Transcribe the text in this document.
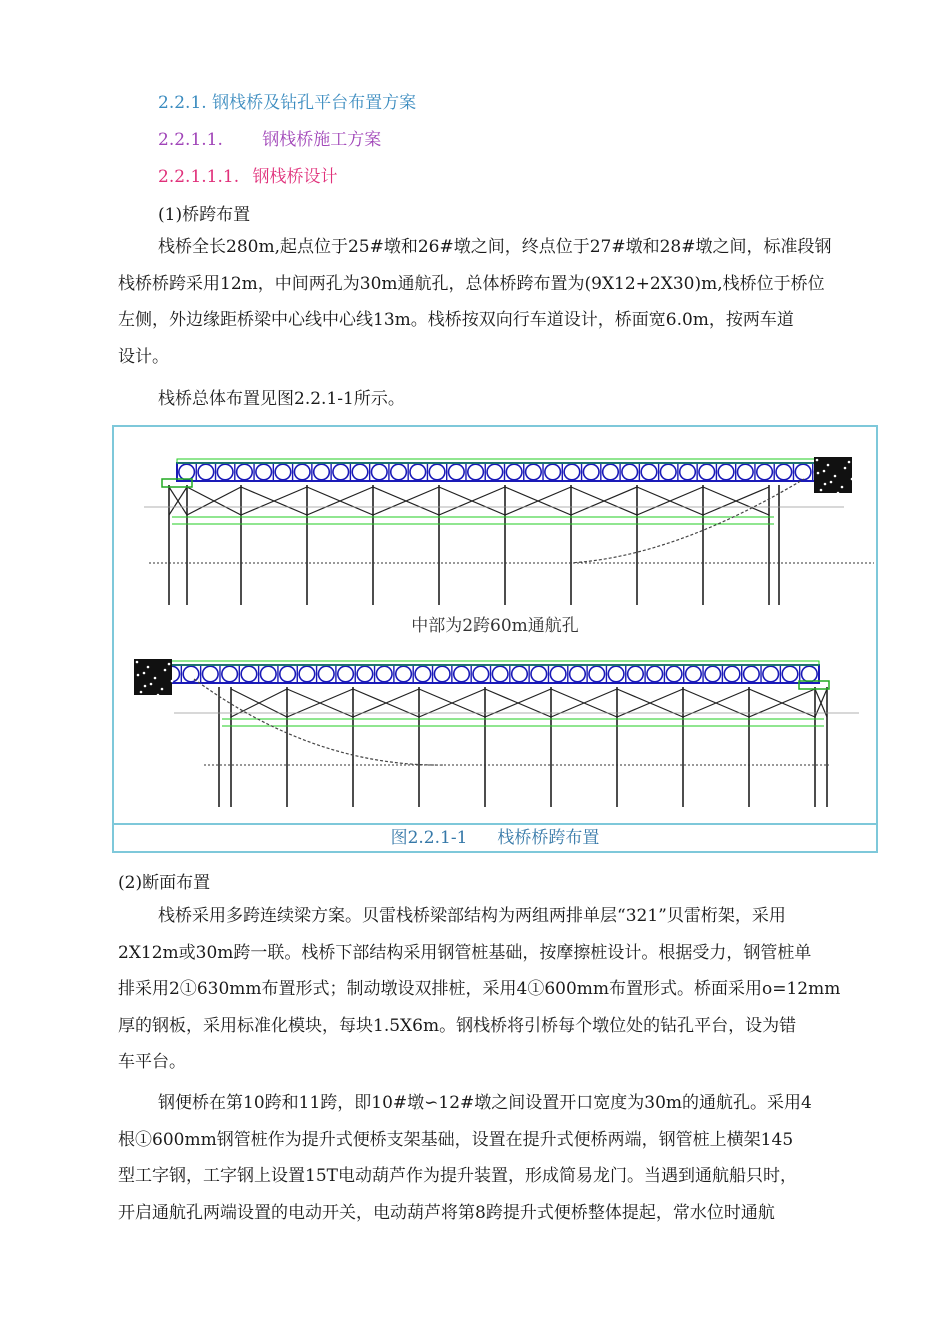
2.2.1. 钢栈桥及钻孔平台布置方案
2.2.1.1. 钢栈桥施工方案
2.2.1.1.1. 钢栈桥设计
(1)桥跨布置
栈桥全长280m,起点位于25#墩和26#墩之间，终点位于27#墩和28#墩之间，标准段钢
栈桥桥跨采用12m，中间两孔为30m通航孔，总体桥跨布置为(9X12+2X30)m,栈桥位于桥位
左侧，外边缘距桥梁中心线中心线13m。栈桥按双向行车道设计，桥面宽6.0m，按两车道
设计。
栈桥总体布置见图2.2.1-1所示。
中部为2跨60m通航孔
图2.2.1-1 栈桥桥跨布置
(2)断面布置
栈桥采用多跨连续梁方案。贝雷栈桥梁部结构为两组两排单层“321”贝雷桁架，采用
2X12m或30m跨一联。栈桥下部结构采用钢管桩基础，按摩擦桩设计。根据受力，钢管桩单
排采用2①630mm布置形式；制动墩设双排桩，采用4①600mm布置形式。桥面采用o=12mm
厚的钢板，采用标准化模块，每块1.5X6m。钢栈桥将引桥每个墩位处的钻孔平台，设为错
车平台。
钢便桥在第10跨和11跨，即10#墩∽12#墩之间设置开口宽度为30m的通航孔。采用4
根①600mm钢管桩作为提升式便桥支架基础，设置在提升式便桥两端，钢管桩上横架145
型工字钢，工字钢上设置15T电动葫芦作为提升装置，形成简易龙门。当遇到通航船只时，
开启通航孔两端设置的电动开关，电动葫芦将第8跨提升式便桥整体提起，常水位时通航
